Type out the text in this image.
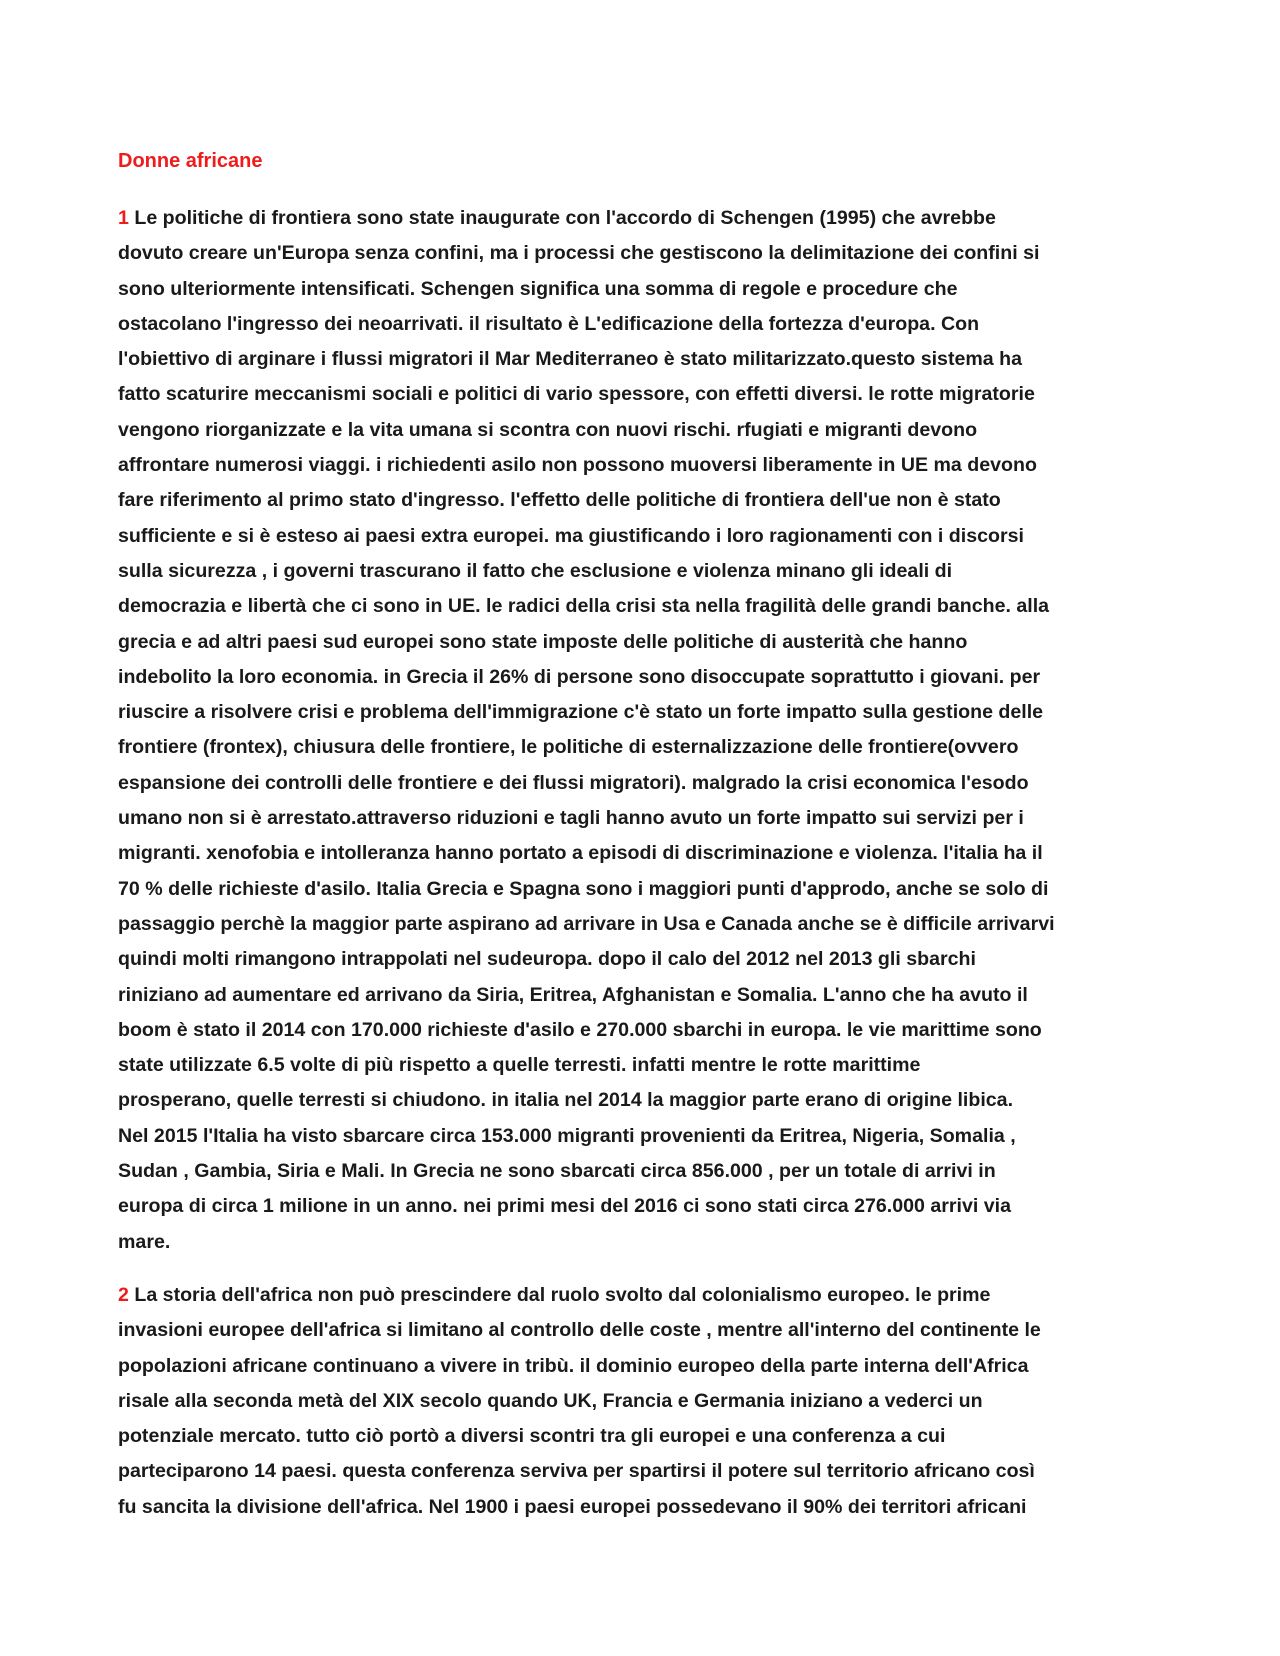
Donne africane
1 Le politiche di frontiera sono state inaugurate con l'accordo di Schengen (1995) che avrebbe
dovuto creare un'Europa senza confini, ma i processi che gestiscono la delimitazione dei confini si
sono ulteriormente intensificati. Schengen significa una somma di regole e procedure che
ostacolano l'ingresso dei neoarrivati. il risultato è L'edificazione della fortezza d'europa. Con
l'obiettivo di arginare i flussi migratori il Mar Mediterraneo è stato militarizzato.questo sistema ha
fatto scaturire meccanismi sociali e politici di vario spessore, con effetti diversi. le rotte migratorie
vengono riorganizzate e la vita umana si scontra con nuovi rischi. rfugiati e migranti devono
affrontare numerosi viaggi. i richiedenti asilo non possono muoversi liberamente in UE ma devono
fare riferimento al primo stato d'ingresso. l'effetto delle politiche di frontiera dell'ue non è stato
sufficiente e si è esteso ai paesi extra europei. ma giustificando i loro ragionamenti con i discorsi
sulla sicurezza , i governi trascurano il fatto che esclusione e violenza minano gli ideali di
democrazia e libertà che ci sono in UE. le radici della crisi sta nella fragilità delle grandi banche. alla
grecia e ad altri paesi sud europei sono state imposte delle politiche di austerità che hanno
indebolito la loro economia. in Grecia il 26% di persone sono disoccupate soprattutto i giovani. per
riuscire a risolvere crisi e problema dell'immigrazione c'è stato un forte impatto sulla gestione delle
frontiere (frontex), chiusura delle frontiere, le politiche di esternalizzazione delle frontiere(ovvero
espansione dei controlli delle frontiere e dei flussi migratori). malgrado la crisi economica l'esodo
umano non si è arrestato.attraverso riduzioni e tagli hanno avuto un forte impatto sui servizi per i
migranti. xenofobia e intolleranza hanno portato a episodi di discriminazione e violenza. l'italia ha il
70 % delle richieste d'asilo. Italia Grecia e Spagna sono i maggiori punti d'approdo, anche se solo di
passaggio perchè la maggior parte aspirano ad arrivare in Usa e Canada anche se è difficile arrivarvi
quindi molti rimangono intrappolati nel sudeuropa. dopo il calo del 2012 nel 2013 gli sbarchi
riniziano ad aumentare ed arrivano da Siria, Eritrea, Afghanistan e Somalia. L'anno che ha avuto il
boom è stato il 2014 con 170.000 richieste d'asilo e 270.000 sbarchi in europa. le vie marittime sono
state utilizzate 6.5 volte di più rispetto a quelle terresti. infatti mentre le rotte marittime
prosperano, quelle terresti si chiudono. in italia nel 2014 la maggior parte erano di origine libica.
Nel 2015 l'Italia ha visto sbarcare circa 153.000 migranti provenienti da Eritrea, Nigeria, Somalia ,
Sudan , Gambia, Siria e Mali. In Grecia ne sono sbarcati circa 856.000 , per un totale di arrivi in
europa di circa 1 milione in un anno. nei primi mesi del 2016 ci sono stati circa 276.000 arrivi via
mare.
2 La storia dell'africa non può prescindere dal ruolo svolto dal colonialismo europeo. le prime
invasioni europee dell'africa si limitano al controllo delle coste , mentre all'interno del continente le
popolazioni africane continuano a vivere in tribù. il dominio europeo della parte interna dell'Africa
risale alla seconda metà del XIX secolo quando UK, Francia e Germania iniziano a vederci un
potenziale mercato. tutto ciò portò a diversi scontri tra gli europei e una conferenza a cui
parteciparono 14 paesi. questa conferenza serviva per spartirsi il potere sul territorio africano così
fu sancita la divisione dell'africa. Nel 1900 i paesi europei possedevano il 90% dei territori africani
